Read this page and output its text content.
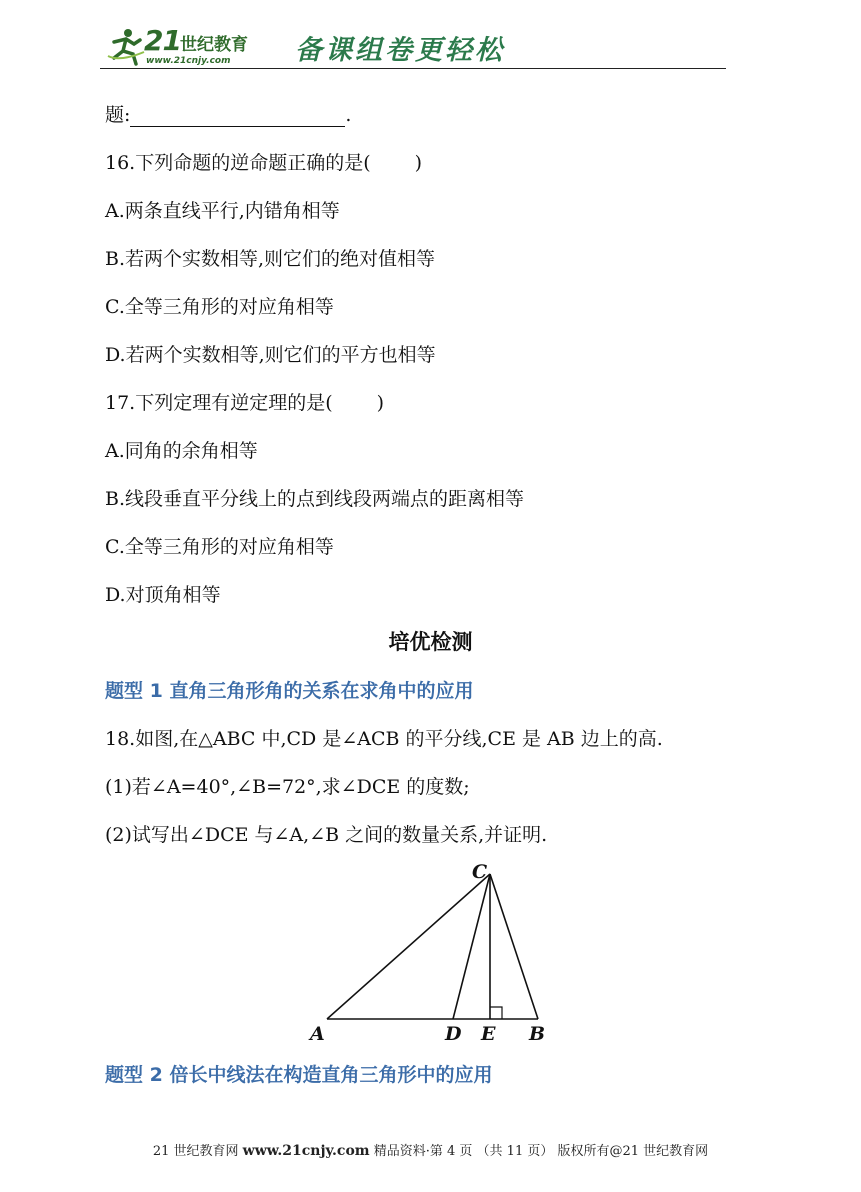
21 世纪教育
www.21cnjy.com 备课组卷更轻松
题:	.
16.下列命题的逆命题正确的是( )
A.两条直线平行,内错角相等
B.若两个实数相等,则它们的绝对值相等
C.全等三角形的对应角相等
D.若两个实数相等,则它们的平方也相等
17.下列定理有逆定理的是( )
A.同角的余角相等
B.线段垂直平分线上的点到线段两端点的距离相等
C.全等三角形的对应角相等
D.对顶角相等
培优检测
题型 1 直角三角形角的关系在求角中的应用
18.如图,在△ABC 中,CD 是∠ACB 的平分线,CE 是 AB 边上的高.
(1)若∠A=40°,∠B=72°,求∠DCE 的度数;
(2)试写出∠DCE 与∠A,∠B 之间的数量关系,并证明.
C
A	D E B
题型 2 倍长中线法在构造直角三角形中的应用
21 世纪教育网 www.21cnjy.com 精品资料·第 4 页 （共 11 页） 版权所有@21 世纪教育网
